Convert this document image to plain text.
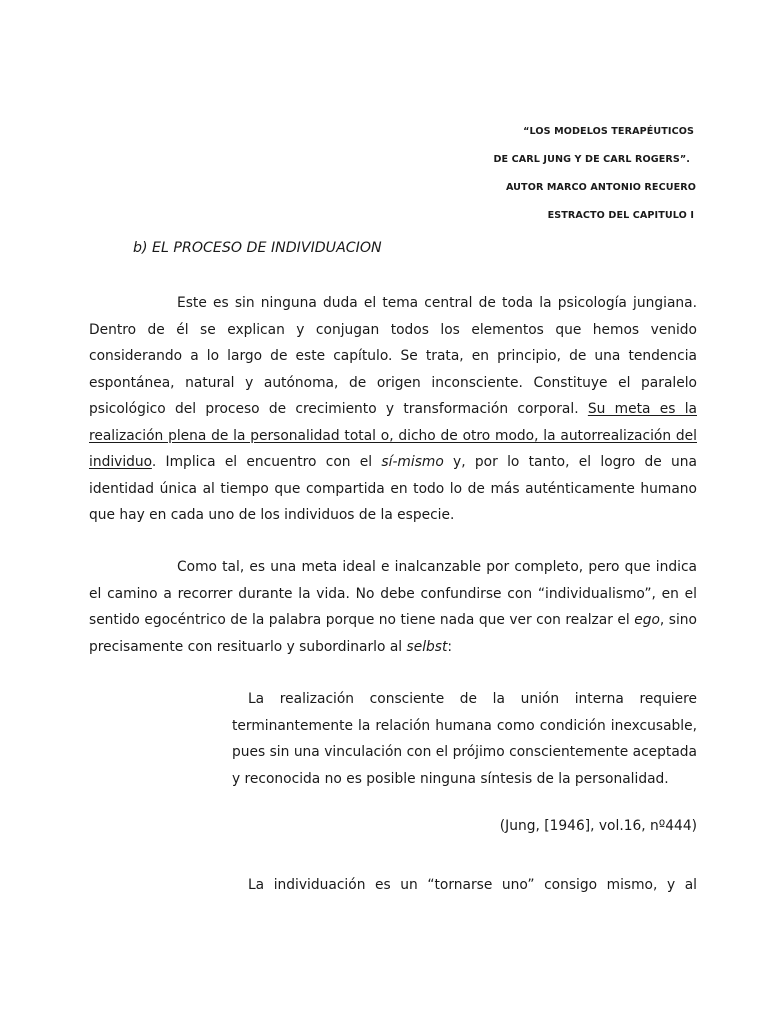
“LOS MODELOS TERAPÉUTICOS
DE CARL JUNG Y DE CARL ROGERS”.
AUTOR MARCO ANTONIO RECUERO
ESTRACTO DEL CAPITULO I
b) EL PROCESO DE INDIVIDUACION
Este es sin ninguna duda el tema central de toda la psicología jungiana. Dentro de él se explican y conjugan todos los elementos que hemos venido considerando a lo largo de este capítulo. Se trata, en principio, de una tendencia espontánea, natural y autónoma, de origen inconsciente. Constituye el paralelo psicológico del proceso de crecimiento y transformación corporal. Su meta es la realización plena de la personalidad total o, dicho de otro modo, la autorrealización del individuo. Implica el encuentro con el sí-mismo y, por lo tanto, el logro de una identidad única al tiempo que compartida en todo lo de más auténticamente humano que hay en cada uno de los individuos de la especie.
Como tal, es una meta ideal e inalcanzable por completo, pero que indica el camino a recorrer durante la vida. No debe confundirse con “individualismo”, en el sentido egocéntrico de la palabra porque no tiene nada que ver con realzar el ego, sino precisamente con resituarlo y subordinarlo al selbst:
La realización consciente de la unión interna requiere terminantemente la relación humana como condición inexcusable, pues sin una vinculación con el prójimo conscientemente aceptada y reconocida no es posible ninguna síntesis de la personalidad.
(Jung, [1946], vol.16, nº444)
La individuación es un “tornarse uno” consigo mismo, y al
